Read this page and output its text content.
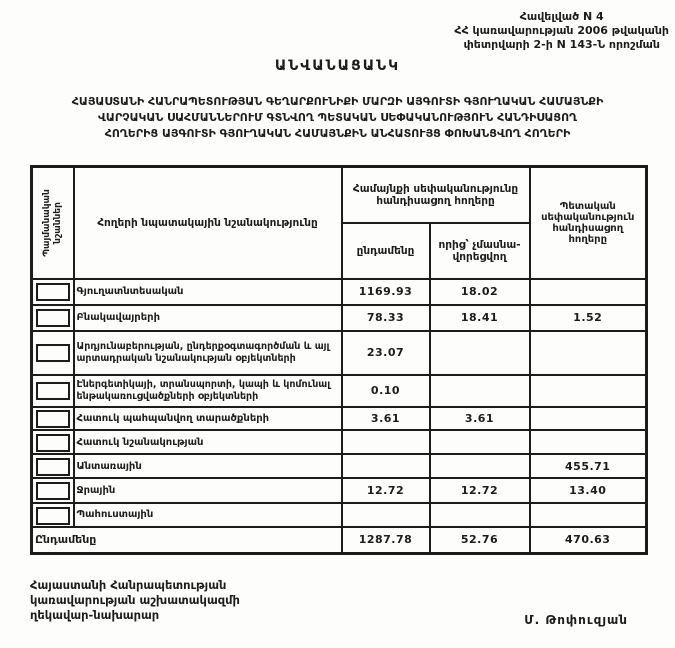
Հավելված N 4
ՀՀ կառավարության 2006 թվականի
փետրվարի 2-ի N 143-Ն որոշման
ԱՆՎԱՆԱՑԱՆԿ
ՀԱՅԱՍՏԱՆԻ ՀԱՆՐԱՊԵՏՈՒԹՅԱՆ ԳԵՂԱՐՔՈՒՆԻՔԻ ՄԱՐԶԻ ԱՅԳՈՒՏԻ ԳՅՈՒՂԱԿԱՆ ՀԱՄԱՅՆՔԻ
ՎԱՐՉԱԿԱՆ ՍԱՀՄԱՆՆԵՐՈՒՄ ԳՏՆՎՈՂ ՊԵՏԱԿԱՆ ՍԵՓԱԿԱՆՈՒԹՅՈՒՆ ՀԱՆԴԻՍԱՑՈՂ
ՀՈՂԵՐԻՑ ԱՅԳՈՒՏԻ ԳՅՈՒՂԱԿԱՆ ՀԱՄԱՅՆՔԻՆ ԱՆՀԱՏՈՒՅՑ ՓՈԽԱՆՑՎՈՂ ՀՈՂԵՐԻ
Պայմանական նշաններ	Հողերի նպատակային նշանակությունը	Համայնքի սեփականությունը հանդիսացող հողերը		Պետական սեփականություն հանդիսացող հողերը
		ընդամենը	որից՝ չմասնա-վորեցվող	
	Գյուղատնտեսական	1169.93	18.02	
	Բնակավայրերի	78.33	18.41	1.52
	Արդյունաբերության, ընդերքօգտագործման և այլ արտադրական նշանակության օբյեկտների	23.07		
	Էներգետիկայի, տրանսպորտի, կապի և կոմունալ ենթակառուցվածքների օբյեկտների	0.10		
	Հատուկ պահպանվող տարածքների	3.61	3.61	
	Հատուկ նշանակության			
	Անտառային			455.71
	Ջրային	12.72	12.72	13.40
	Պահուստային			
Ընդամենը		1287.78	52.76	470.63
Հայաստանի Հանրապետության
կառավարության աշխատակազմի
ղեկավար-նախարար	Մ. Թոփուզյան
